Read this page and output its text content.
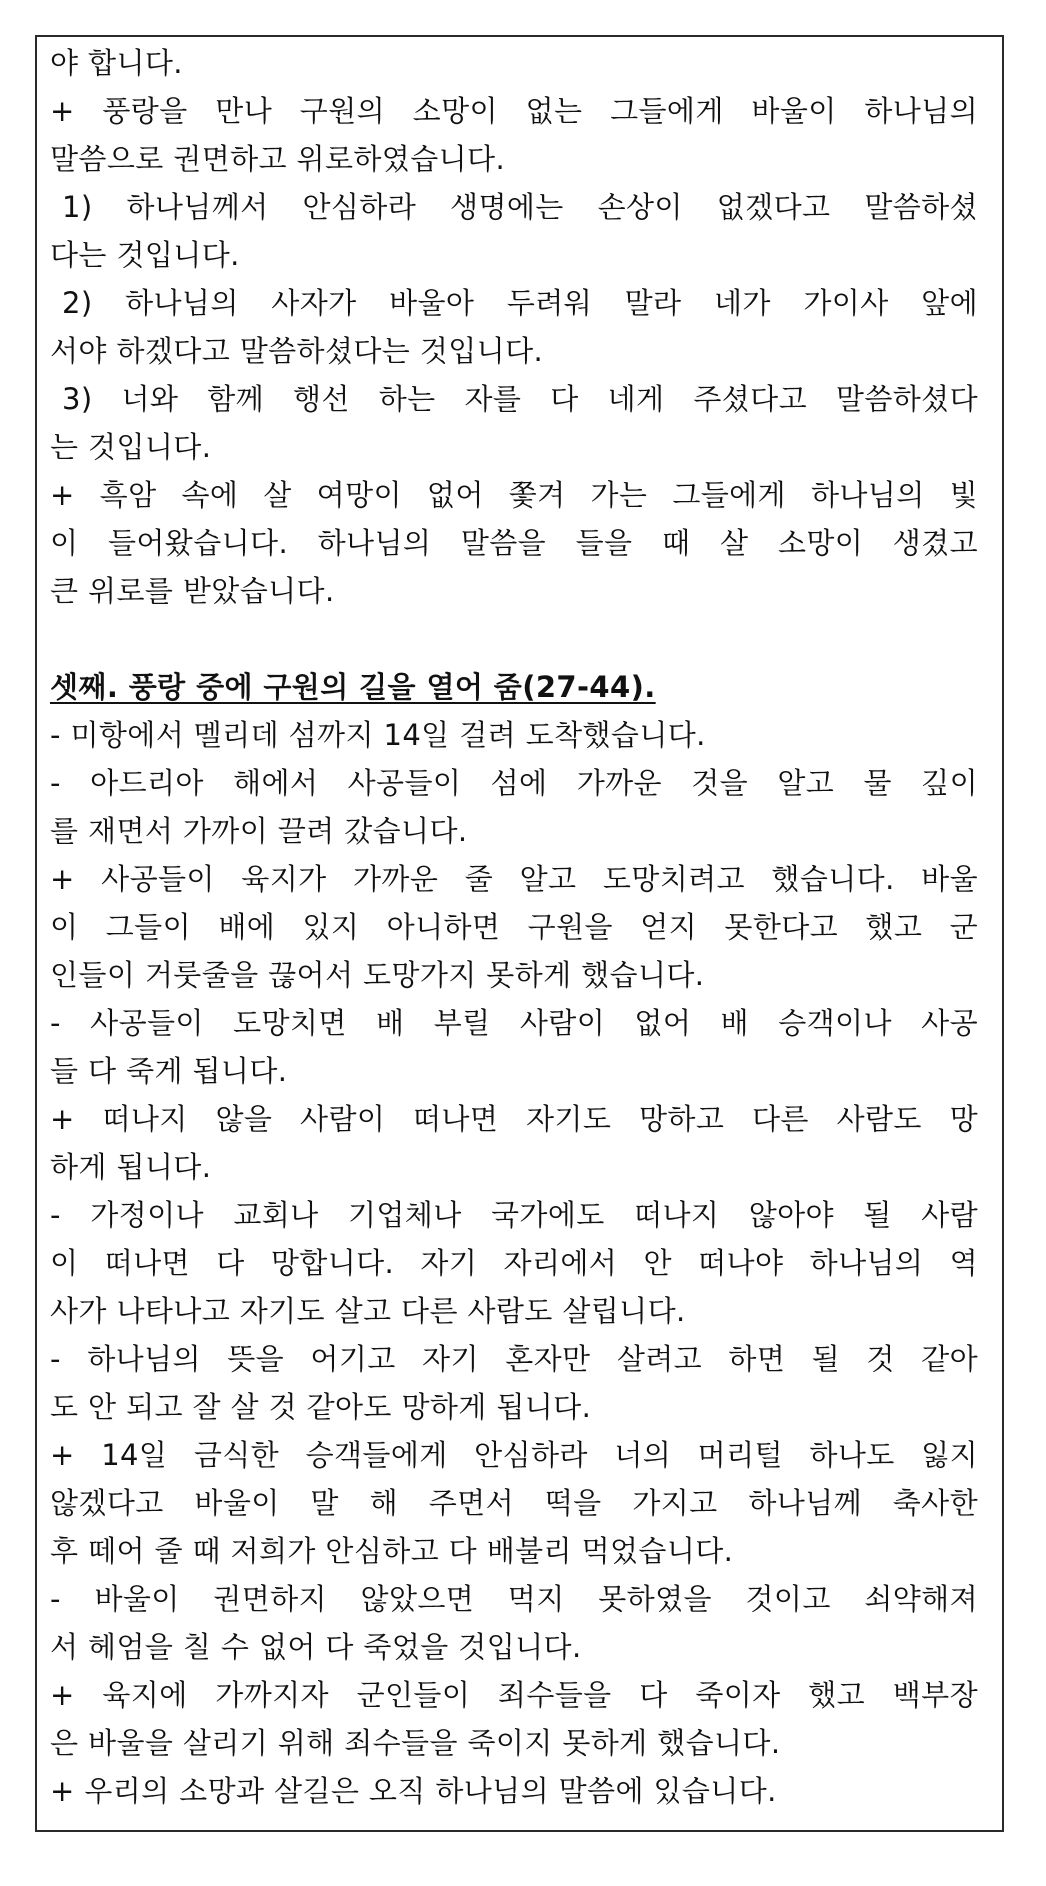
야 합니다.
+ 풍랑을 만나 구원의 소망이 없는 그들에게 바울이 하나님의
말씀으로 권면하고 위로하였습니다.
1) 하나님께서 안심하라 생명에는 손상이 없겠다고 말씀하셨
다는 것입니다.
2) 하나님의 사자가 바울아 두려워 말라 네가 가이사 앞에
서야 하겠다고 말씀하셨다는 것입니다.
3) 너와 함께 행선 하는 자를 다 네게 주셨다고 말씀하셨다
는 것입니다.
+ 흑암 속에 살 여망이 없어 쫓겨 가는 그들에게 하나님의 빛
이 들어왔습니다. 하나님의 말씀을 들을 때 살 소망이 생겼고
큰 위로를 받았습니다.
셋째. 풍랑 중에 구원의 길을 열어 줌(27-44).
- 미항에서 멜리데 섬까지 14일 걸려 도착했습니다.
- 아드리아 해에서 사공들이 섬에 가까운 것을 알고 물 깊이
를 재면서 가까이 끌려 갔습니다.
+ 사공들이 육지가 가까운 줄 알고 도망치려고 했습니다. 바울
이 그들이 배에 있지 아니하면 구원을 얻지 못한다고 했고 군
인들이 거룻줄을 끊어서 도망가지 못하게 했습니다.
- 사공들이 도망치면 배 부릴 사람이 없어 배 승객이나 사공
들 다 죽게 됩니다.
+ 떠나지 않을 사람이 떠나면 자기도 망하고 다른 사람도 망
하게 됩니다.
- 가정이나 교회나 기업체나 국가에도 떠나지 않아야 될 사람
이 떠나면 다 망합니다. 자기 자리에서 안 떠나야 하나님의 역
사가 나타나고 자기도 살고 다른 사람도 살립니다.
- 하나님의 뜻을 어기고 자기 혼자만 살려고 하면 될 것 같아
도 안 되고 잘 살 것 같아도 망하게 됩니다.
+ 14일 금식한 승객들에게 안심하라 너의 머리털 하나도 잃지
않겠다고 바울이 말 해 주면서 떡을 가지고 하나님께 축사한
후 떼어 줄 때 저희가 안심하고 다 배불리 먹었습니다.
- 바울이 권면하지 않았으면 먹지 못하였을 것이고 쇠약해져
서 헤엄을 칠 수 없어 다 죽었을 것입니다.
+ 육지에 가까지자 군인들이 죄수들을 다 죽이자 했고 백부장
은 바울을 살리기 위해 죄수들을 죽이지 못하게 했습니다.
+ 우리의 소망과 살길은 오직 하나님의 말씀에 있습니다.
